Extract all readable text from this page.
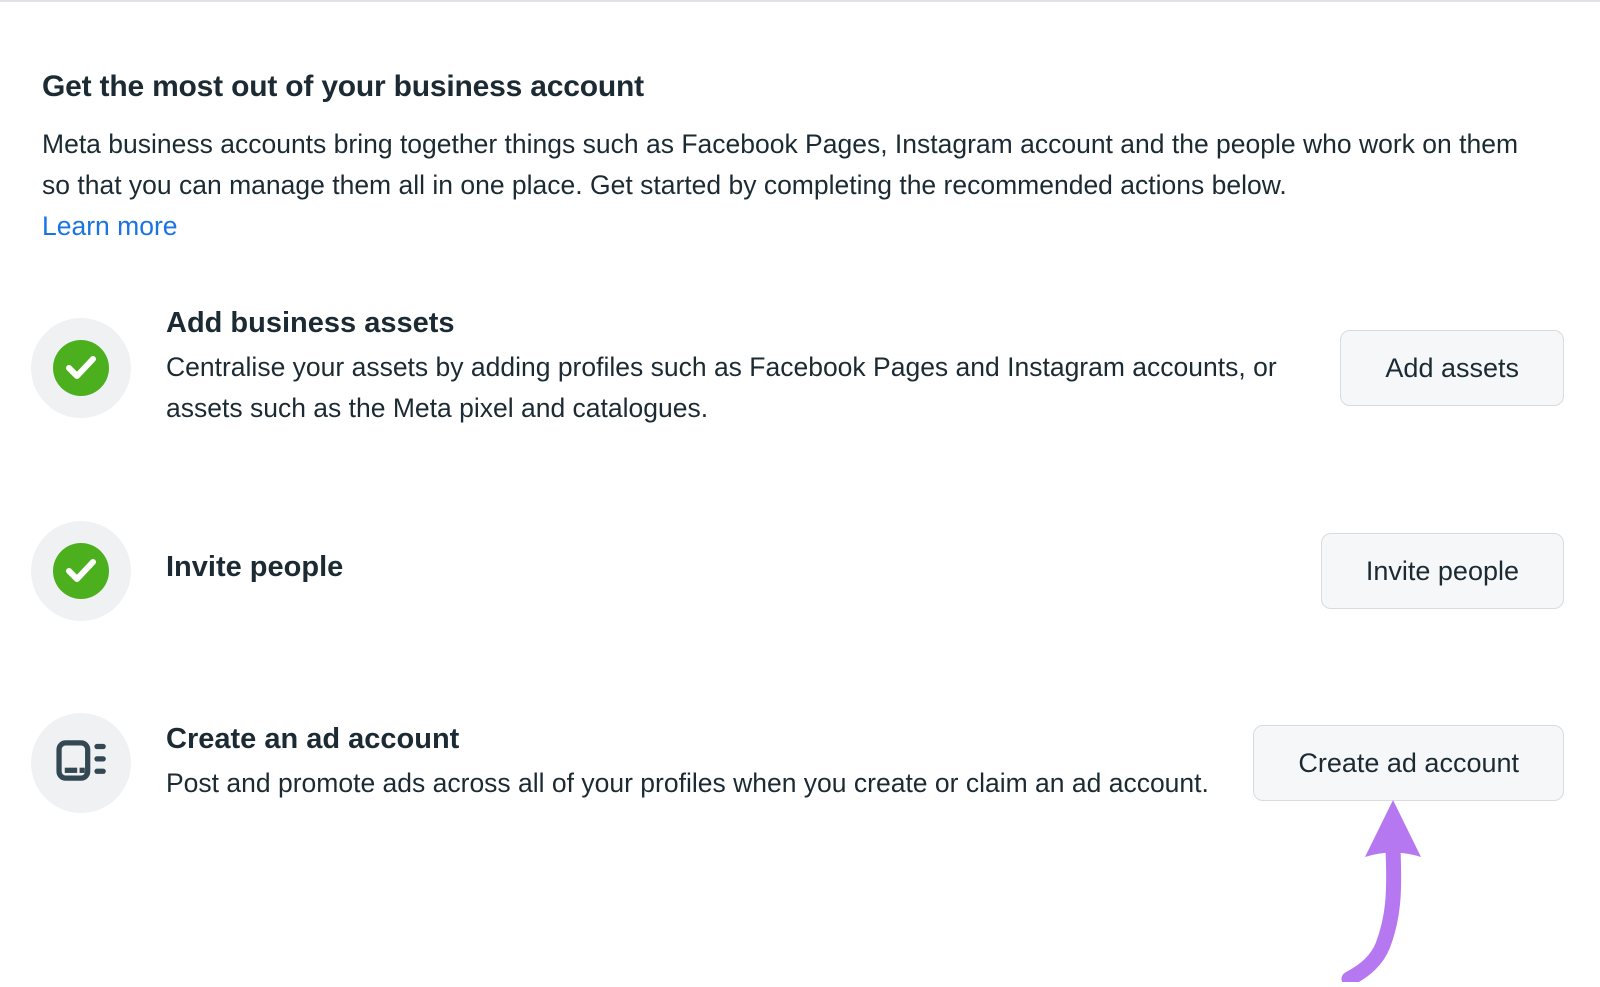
Get the most out of your business account
Meta business accounts bring together things such as Facebook Pages, Instagram account and the people who work on them so that you can manage them all in one place. Get started by completing the recommended actions below.
Learn more
Add business assets
Centralise your assets by adding profiles such as Facebook Pages and Instagram accounts, or assets such as the Meta pixel and catalogues.
Add assets
Invite people	Invite people
Create an ad account
Post and promote ads across all of your profiles when you create or claim an ad account.
Create ad account
